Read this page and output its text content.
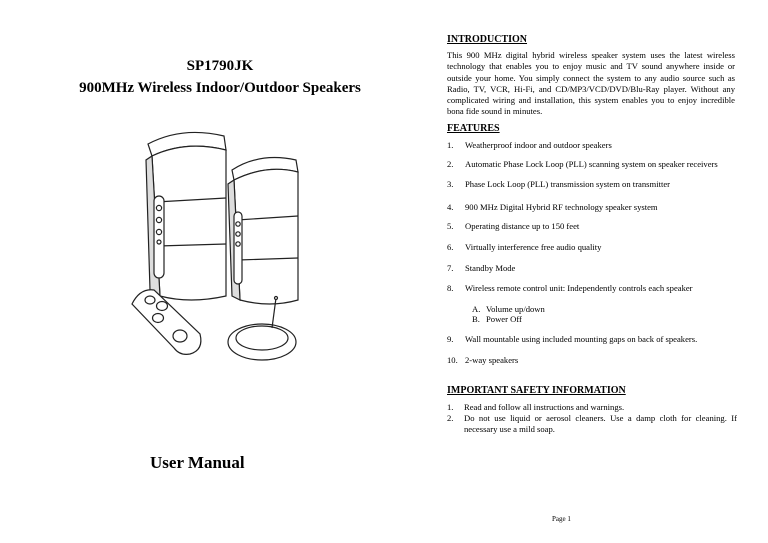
SP1790JK
900MHz Wireless Indoor/Outdoor Speakers
User Manual
INTRODUCTION
This 900 MHz digital hybrid wireless speaker system uses the latest wireless technology that enables you to enjoy music and TV sound anywhere inside or outside your home. You simply connect the system to any audio source such as Radio, TV, VCR, Hi-Fi, and CD/MP3/VCD/DVD/Blu-Ray player. Without any complicated wiring and installation, this system enables you to enjoy incredible bona fide sound in minutes.
FEATURES
1. Weatherproof indoor and outdoor speakers
2. Automatic Phase Lock Loop (PLL) scanning system on speaker receivers
3. Phase Lock Loop (PLL) transmission system on transmitter
4. 900 MHz Digital Hybrid RF technology speaker system
5. Operating distance up to 150 feet
6. Virtually interference free audio quality
7. Standby Mode
8. Wireless remote control unit: Independently controls each speaker
A. Volume up/down
B. Power Off
9. Wall mountable using included mounting gaps on back of speakers.
10. 2-way speakers
IMPORTANT SAFETY INFORMATION
1.	Read and follow all instructions and warnings.
2.	Do not use liquid or aerosol cleaners. Use a damp cloth for cleaning. If necessary use a mild soap.
Page 1
